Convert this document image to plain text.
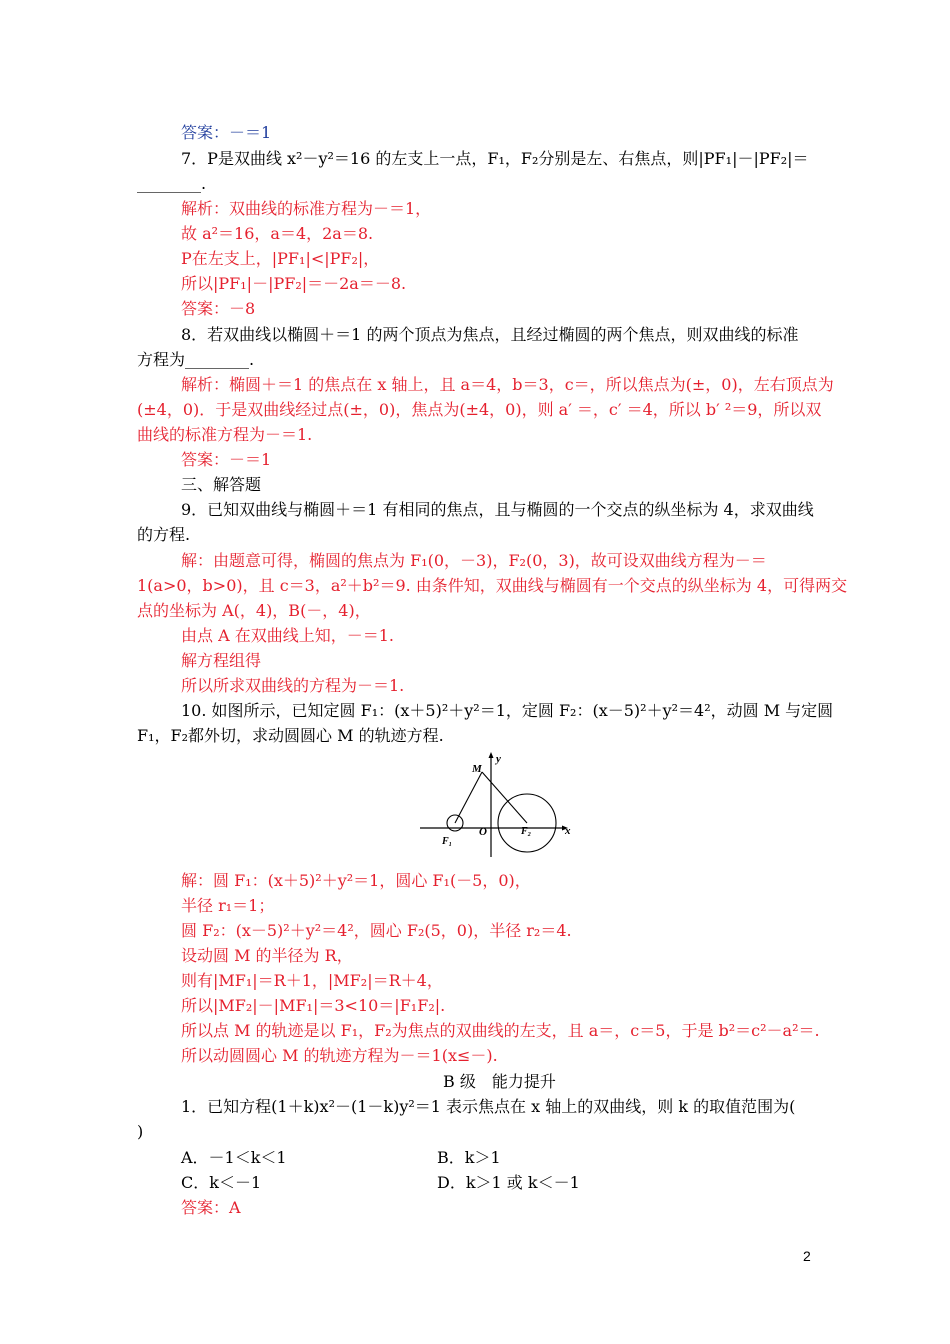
答案：－＝1
7．P是双曲线 x²－y²＝16 的左支上一点，F₁，F₂分别是左、右焦点，则|PF₁|－|PF₂|＝
________.
解析：双曲线的标准方程为－＝1，
故 a²＝16，a＝4，2a＝8.
P在左支上，|PF₁|<|PF₂|，
所以|PF₁|－|PF₂|＝－2a＝－8.
答案：－8
8．若双曲线以椭圆＋＝1 的两个顶点为焦点，且经过椭圆的两个焦点，则双曲线的标准
方程为________.
解析：椭圆＋＝1 的焦点在 x 轴上，且 a＝4，b＝3，c＝，所以焦点为(±，0)，左右顶点为
(±4，0)．于是双曲线经过点(±，0)，焦点为(±4，0)，则 a′ ＝，c′ ＝4，所以 b′ ²＝9，所以双
曲线的标准方程为－＝1.
答案：－＝1
三、解答题
9．已知双曲线与椭圆＋＝1 有相同的焦点，且与椭圆的一个交点的纵坐标为 4，求双曲线
的方程.
解：由题意可得，椭圆的焦点为 F₁(0，－3)，F₂(0，3)，故可设双曲线方程为－＝
1(a>0，b>0)，且 c＝3，a²＋b²＝9. 由条件知，双曲线与椭圆有一个交点的纵坐标为 4，可得两交
点的坐标为 A(，4)，B(－，4)，
由点 A 在双曲线上知，－＝1.
解方程组得
所以所求双曲线的方程为－＝1.
10. 如图所示，已知定圆 F₁：(x＋5)²＋y²＝1，定圆 F₂：(x－5)²＋y²＝4²，动圆 M 与定圆
F₁，F₂都外切，求动圆圆心 M 的轨迹方程.
y
x
O
M
F₁
F₂
解：圆 F₁：(x＋5)²＋y²＝1，圆心 F₁(－5，0)，
半径 r₁＝1；
圆 F₂：(x－5)²＋y²＝4²，圆心 F₂(5，0)，半径 r₂＝4.
设动圆 M 的半径为 R，
则有|MF₁|＝R＋1，|MF₂|＝R＋4，
所以|MF₂|－|MF₁|＝3<10＝|F₁F₂|.
所以点 M 的轨迹是以 F₁，F₂为焦点的双曲线的左支，且 a＝，c＝5，于是 b²＝c²－a²＝.
所以动圆圆心 M 的轨迹方程为－＝1(x≤－).
B 级　能力提升
1．已知方程(1＋k)x²－(1－k)y²＝1 表示焦点在 x 轴上的双曲线，则 k 的取值范围为(
)
A．－1＜k＜1	B．k＞1
C．k＜－1	D．k＞1 或 k＜－1
答案：A
2
